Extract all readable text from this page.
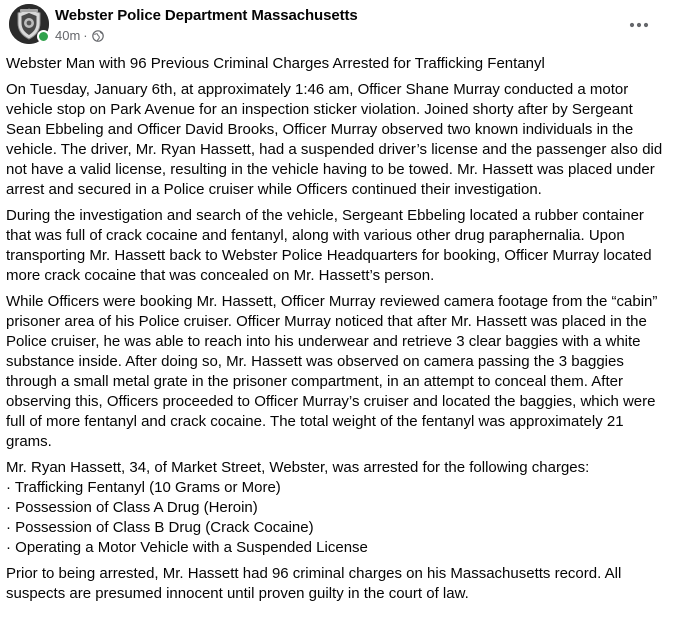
Webster Police Department Massachusetts
40m ·

Webster Man with 96 Previous Criminal Charges Arrested for Trafficking Fentanyl

On Tuesday, January 6th, at approximately 1:46 am, Officer Shane Murray conducted a motor vehicle stop on Park Avenue for an inspection sticker violation. Joined shorty after by Sergeant Sean Ebbeling and Officer David Brooks, Officer Murray observed two known individuals in the vehicle. The driver, Mr. Ryan Hassett, had a suspended driver’s license and the passenger also did not have a valid license, resulting in the vehicle having to be towed. Mr. Hassett was placed under arrest and secured in a Police cruiser while Officers continued their investigation.

During the investigation and search of the vehicle, Sergeant Ebbeling located a rubber container that was full of crack cocaine and fentanyl, along with various other drug paraphernalia. Upon transporting Mr. Hassett back to Webster Police Headquarters for booking, Officer Murray located more crack cocaine that was concealed on Mr. Hassett’s person.

While Officers were booking Mr. Hassett, Officer Murray reviewed camera footage from the “cabin” prisoner area of his Police cruiser. Officer Murray noticed that after Mr. Hassett was placed in the Police cruiser, he was able to reach into his underwear and retrieve 3 clear baggies with a white substance inside. After doing so, Mr. Hassett was observed on camera passing the 3 baggies through a small metal grate in the prisoner compartment, in an attempt to conceal them. After observing this, Officers proceeded to Officer Murray’s cruiser and located the baggies, which were full of more fentanyl and crack cocaine. The total weight of the fentanyl was approximately 21 grams.

Mr. Ryan Hassett, 34, of Market Street, Webster, was arrested for the following charges:
· Trafficking Fentanyl (10 Grams or More)
· Possession of Class A Drug (Heroin)
· Possession of Class B Drug (Crack Cocaine)
· Operating a Motor Vehicle with a Suspended License

Prior to being arrested, Mr. Hassett had 96 criminal charges on his Massachusetts record. All suspects are presumed innocent until proven guilty in the court of law.
